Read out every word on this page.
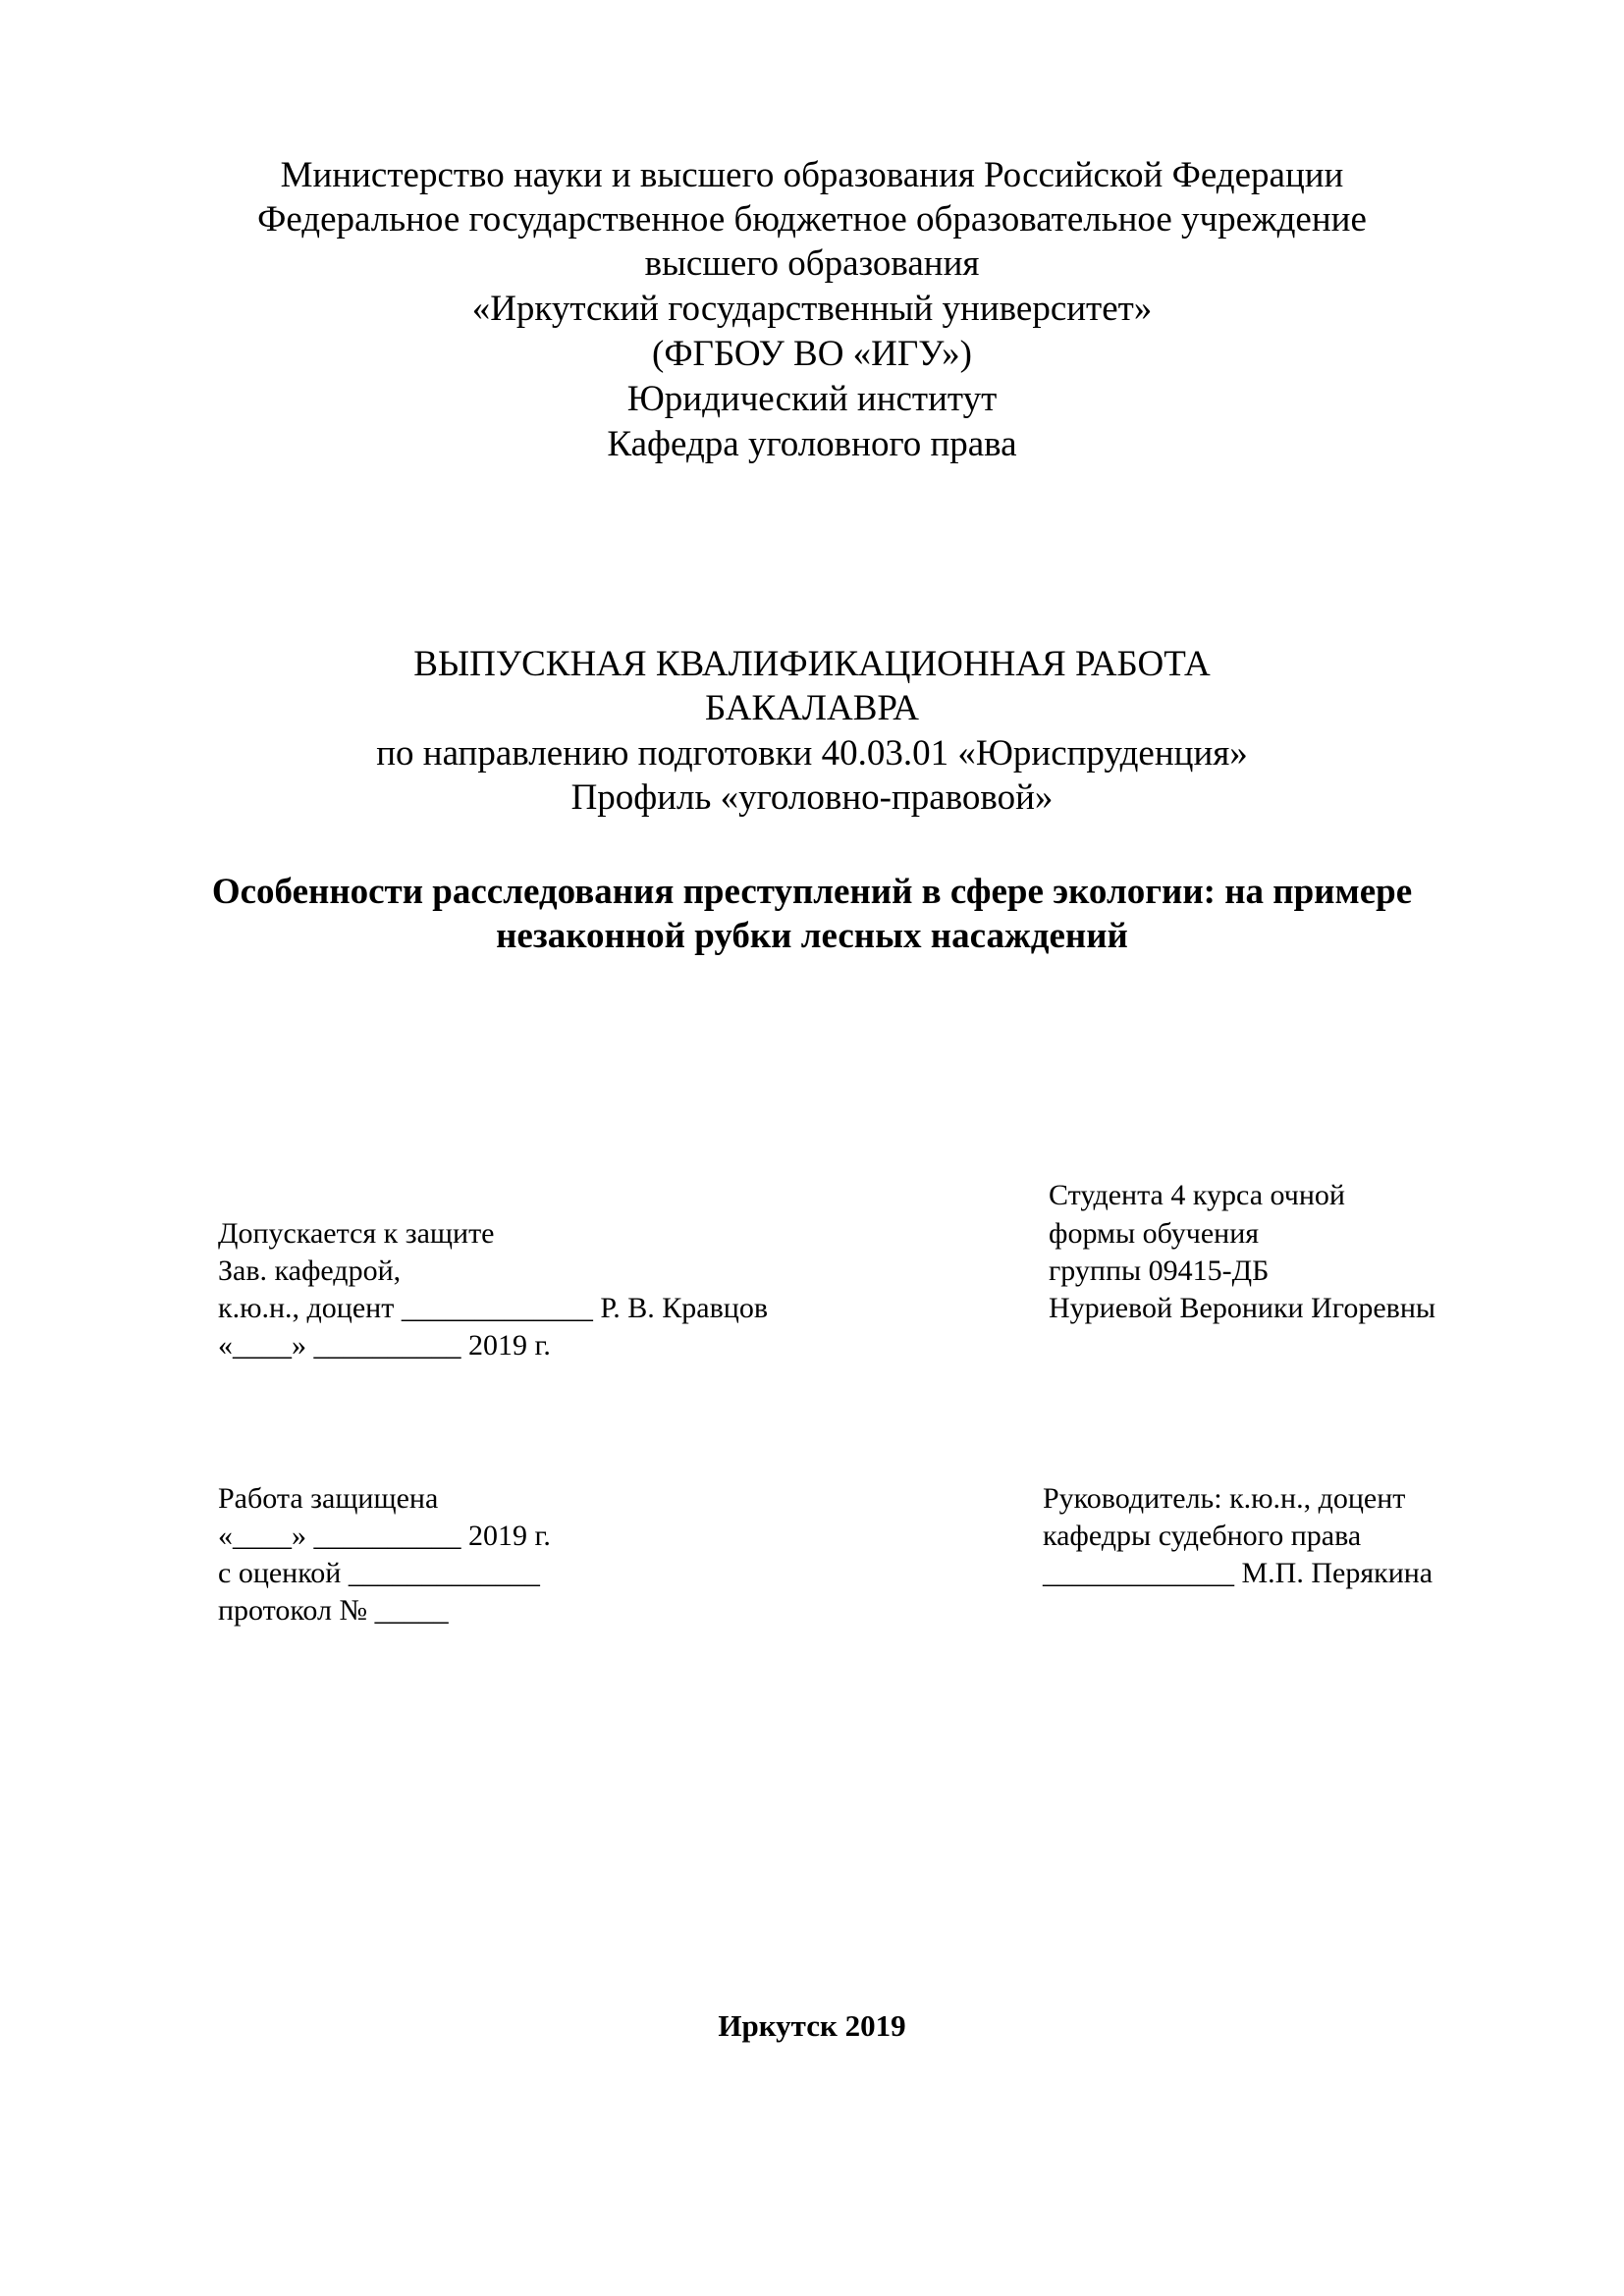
Министерство науки и высшего образования Российской Федерации
Федеральное государственное бюджетное образовательное учреждение
высшего образования
«Иркутский государственный университет»
(ФГБОУ ВО «ИГУ»)
Юридический институт
Кафедра уголовного права
ВЫПУСКНАЯ КВАЛИФИКАЦИОННАЯ РАБОТА
БАКАЛАВРА
по направлению подготовки 40.03.01 «Юриспруденция»
Профиль «уголовно-правовой»
Особенности расследования преступлений в сфере экологии: на примере
незаконной рубки лесных насаждений
Допускается к защите
Зав. кафедрой,
к.ю.н., доцент _____________ Р. В. Кравцов
«____» __________ 2019 г.
Студента 4 курса очной
формы обучения
группы 09415-ДБ
Нуриевой Вероники Игоревны
Работа защищена
«____» __________ 2019 г.
с оценкой _____________
протокол № _____
Руководитель: к.ю.н., доцент
кафедры судебного права
_____________ М.П. Перякина
Иркутск 2019
